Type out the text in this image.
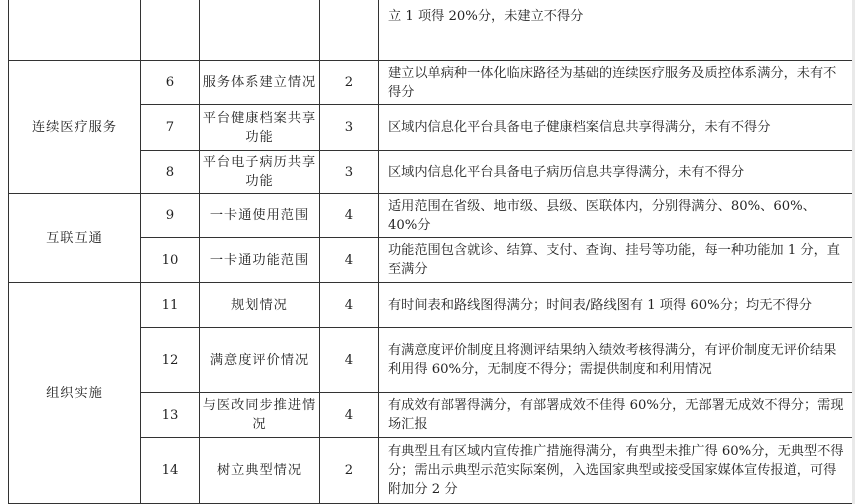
				立 1 项得 20%分，未建立不得分
连续医疗服务	6	服务体系建立情况	2	建立以单病种一体化临床路径为基础的连续医疗服务及质控体系满分，未有不得分
	7	平台健康档案共享功能	3	区域内信息化平台具备电子健康档案信息共享得满分，未有不得分
	8	平台电子病历共享功能	3	区域内信息化平台具备电子病历信息共享得满分，未有不得分
互联互通	9	一卡通使用范围	4	适用范围在省级、地市级、县级、医联体内，分别得满分、80%、60%、40%分
	10	一卡通功能范围	4	功能范围包含就诊、结算、支付、查询、挂号等功能，每一种功能加 1 分，直至满分
组织实施	11	规划情况	4	有时间表和路线图得满分；时间表/路线图有 1 项得 60%分；均无不得分
	12	满意度评价情况	4	有满意度评价制度且将测评结果纳入绩效考核得满分，有评价制度无评价结果利用得 60%分，无制度不得分；需提供制度和利用情况
	13	与医改同步推进情况	4	有成效有部署得满分，有部署成效不佳得 60%分，无部署无成效不得分；需现场汇报
	14	树立典型情况	2	有典型且有区域内宣传推广措施得满分，有典型未推广得 60%分，无典型不得分；需出示典型示范实际案例，入选国家典型或接受国家媒体宣传报道，可得附加分 2 分
